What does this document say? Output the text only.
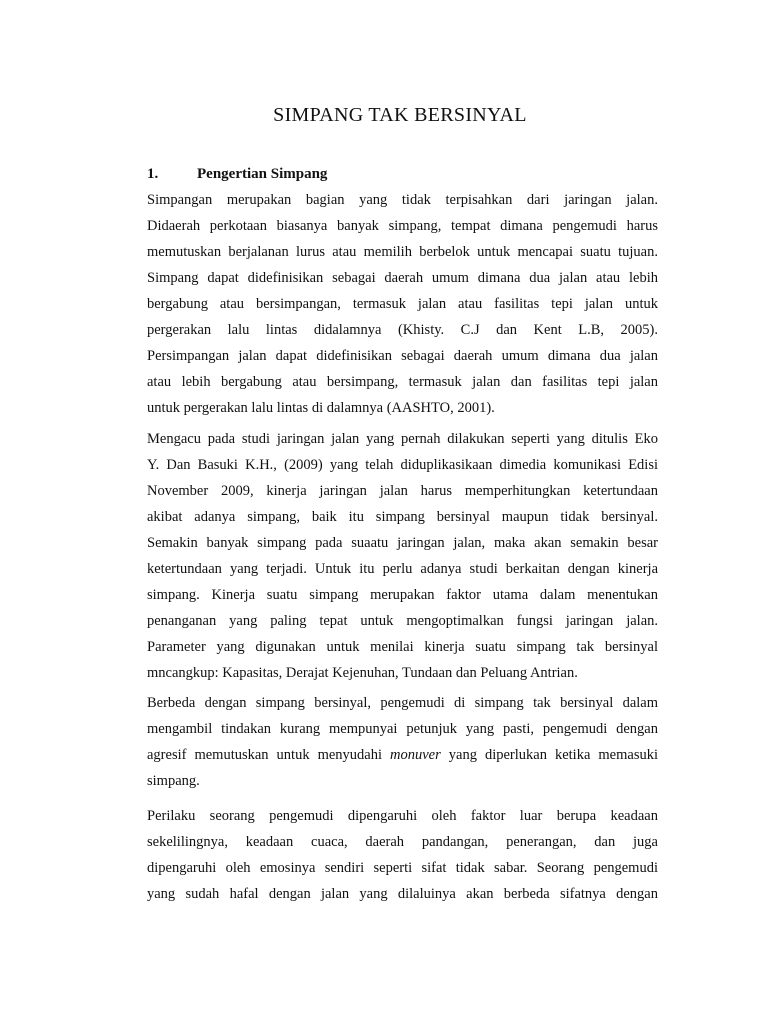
SIMPANG TAK BERSINYAL
1.	Pengertian Simpang
Simpangan merupakan bagian yang tidak terpisahkan dari jaringan jalan.
Didaerah perkotaan biasanya banyak simpang, tempat dimana pengemudi harus
memutuskan berjalanan lurus atau memilih berbelok untuk mencapai suatu tujuan.
Simpang dapat didefinisikan sebagai daerah umum dimana dua jalan atau lebih
bergabung atau bersimpangan, termasuk jalan atau fasilitas tepi jalan untuk
pergerakan lalu lintas didalamnya (Khisty. C.J dan Kent L.B, 2005).
Persimpangan jalan dapat didefinisikan sebagai daerah umum dimana dua jalan
atau lebih bergabung atau bersimpang, termasuk jalan dan fasilitas tepi jalan
untuk pergerakan lalu lintas di dalamnya (AASHTO, 2001).
Mengacu pada studi jaringan jalan yang pernah dilakukan seperti yang ditulis Eko
Y. Dan Basuki K.H., (2009) yang telah diduplikasikaan dimedia komunikasi Edisi
November 2009, kinerja jaringan jalan harus memperhitungkan ketertundaan
akibat adanya simpang, baik itu simpang bersinyal maupun tidak bersinyal.
Semakin banyak simpang pada suaatu jaringan jalan, maka akan semakin besar
ketertundaan yang terjadi. Untuk itu perlu adanya studi berkaitan dengan kinerja
simpang. Kinerja suatu simpang merupakan faktor utama dalam menentukan
penanganan yang paling tepat untuk mengoptimalkan fungsi jaringan jalan.
Parameter yang digunakan untuk menilai kinerja suatu simpang tak bersinyal
mncangkup: Kapasitas, Derajat Kejenuhan, Tundaan dan Peluang Antrian.
Berbeda dengan simpang bersinyal, pengemudi di simpang tak bersinyal dalam
mengambil tindakan kurang mempunyai petunjuk yang pasti, pengemudi dengan
agresif memutuskan untuk menyudahi monuver yang diperlukan ketika memasuki
simpang.
Perilaku seorang pengemudi dipengaruhi oleh faktor luar berupa keadaan
sekelilingnya, keadaan cuaca, daerah pandangan, penerangan, dan juga
dipengaruhi oleh emosinya sendiri seperti sifat tidak sabar. Seorang pengemudi
yang sudah hafal dengan jalan yang dilaluinya akan berbeda sifatnya dengan
